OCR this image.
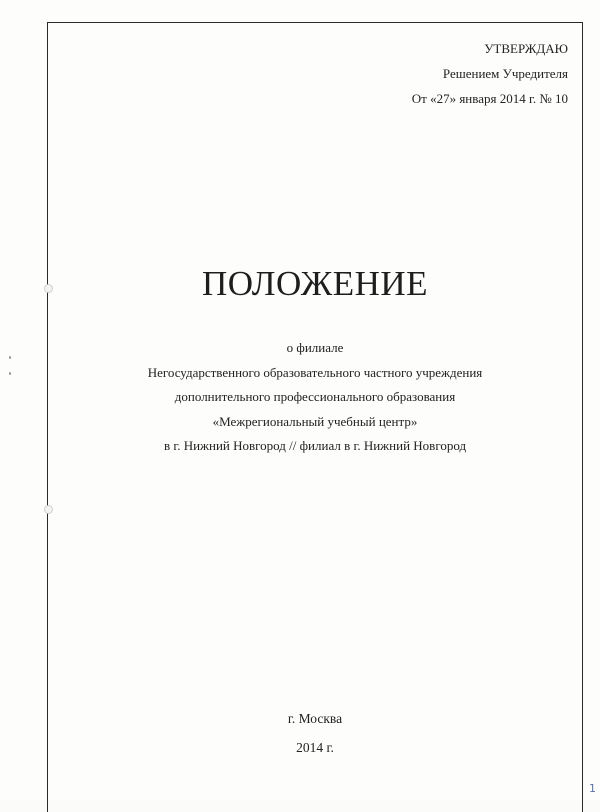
УТВЕРЖДАЮ
Решением Учредителя
От «27» января 2014 г. № 10
ПОЛОЖЕНИЕ
о филиале
Негосударственного образовательного частного учреждения
дополнительного профессионального образования
«Межрегиональный учебный центр»
в г. Нижний Новгород // филиал в г. Нижний Новгород
г. Москва
2014 г.
1
